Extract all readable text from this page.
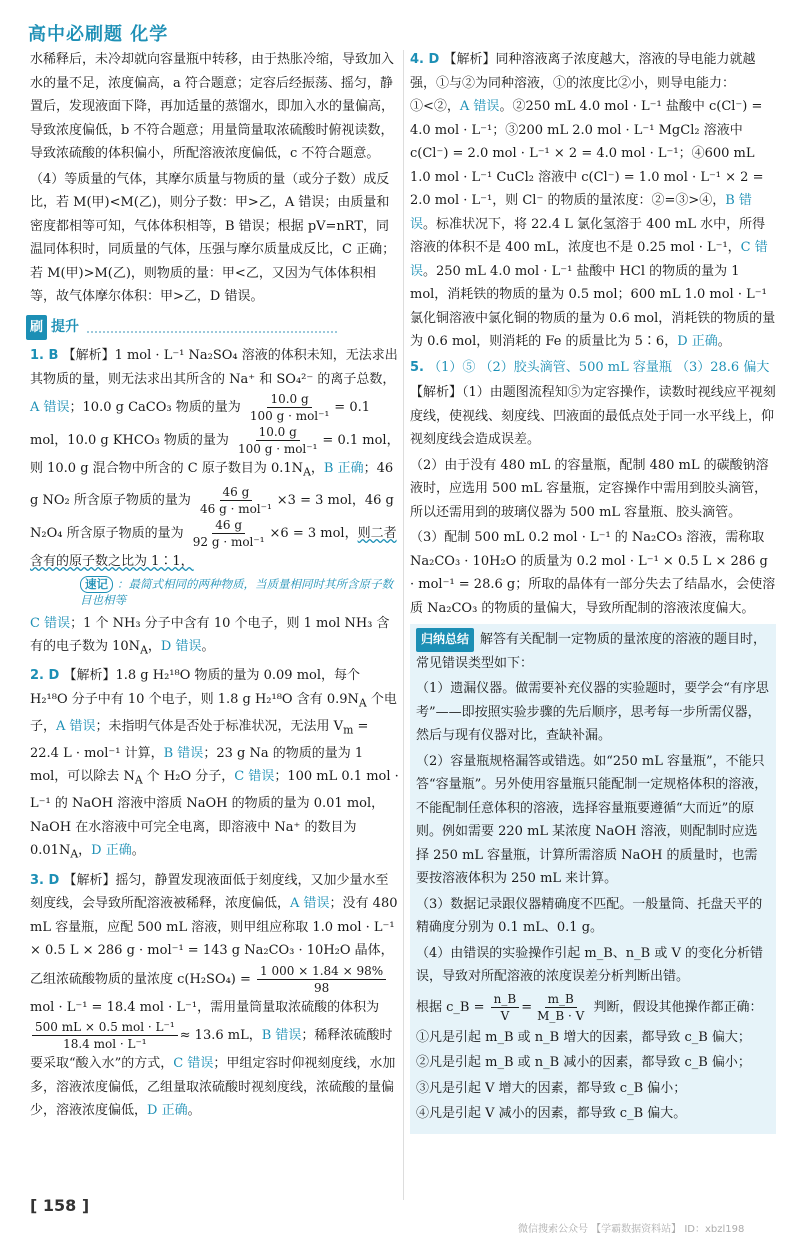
高中必刷题 化学

水稀释后，未冷却就向容量瓶中转移，由于热胀冷缩，导致加入水的量不足，浓度偏高，a 符合题意；定容后经振荡、摇匀，静置后，发现液面下降，再加适量的蒸馏水，即加入水的量偏高，导致浓度偏低，b 不符合题意；用量筒量取浓硫酸时俯视读数，导致浓硫酸的体积偏小，所配溶液浓度偏低，c 不符合题意。

（4）等质量的气体，其摩尔质量与物质的量（或分子数）成反比，若 M(甲)<M(乙)，则分子数：甲>乙，A 错误；由质量和密度都相等可知，气体体积相等，B 错误；根据 pV=nRT，同温同体积时，同质量的气体，压强与摩尔质量成反比，C 正确；若 M(甲)>M(乙)，则物质的量：甲<乙，又因为气体体积相等，故气体摩尔体积：甲>乙，D 错误。

刷 提升

1. B 【解析】1 mol · L⁻¹ Na₂SO₄ 溶液的体积未知，无法求出其物质的量，则无法求出其所含的 Na⁺ 和 SO₄²⁻ 的离子总数，A 错误；10.0 g CaCO₃ 物质的量为 $\frac{10.0 g}{\text{100 g · mol⁻¹}} = 0.1$ mol，10.0 g KHCO₃ 物质的量为 $\frac{10.0 g}{\text{100 g · mol⁻¹}} = 0.1$ mol，则 10.0 g 混合物中所含的 C 原子数目为 $0.1N_A$，B 正确；46 g NO₂ 所含原子物质的量为 $\frac{46 g}{\text{46 g · mol⁻¹}} \times 3 = 3$ mol，46 g N₂O₄ 所含原子物质的量为 $\frac{46 g}{\text{92 g · mol⁻¹}} \times 6 = 3$ mol，则二者含有的原子数之比为 1∶1，

速记 ：最简式相同的两种物质，当质量相同时其所含原子数目也相等

C 错误；1 个 NH₃ 分子中含有 10 个电子，则 1 mol NH₃ 含有的电子数为 $10N_A$，D 错误。

2. D 【解析】1.8 g H₂¹⁸O 物质的量为 0.09 mol，每个 H₂¹⁸O 分子中有 10 个电子，则 1.8 g H₂¹⁸O 含有 $0.9N_A$ 个电子，A 错误；未指明气体是否处于标准状况，无法用 $V_m = 22.4$ L · mol⁻¹ 计算，B 错误；23 g Na 的物质的量为 1 mol，可以除去 $N_A$ 个 H₂O 分子，C 错误；100 mL 0.1 mol · L⁻¹ 的 NaOH 溶液中溶质 NaOH 的物质的量为 0.01 mol，NaOH 在水溶液中可完全电离，即溶液中 Na⁺ 的数目为 $0.01N_A$，D 正确。

3. D 【解析】摇匀，静置发现液面低于刻度线，又加少量水至刻度线，会导致所配溶液被稀释，浓度偏低，A 错误；没有 480 mL 容量瓶，应配 500 mL 溶液，则甲组应称取 1.0 mol · L⁻¹ × 0.5 L × 286 g · mol⁻¹ = 143 g Na₂CO₃ · 10H₂O 晶体，乙组浓硫酸物质的量浓度 $c(H_2SO_4) = \frac{1 000 \times 1.84 \times 98\%}{98}$
mol · L⁻¹ = 18.4 mol · L⁻¹，需用量筒量取浓硫酸的体积为
$\frac{\text{500 mL × 0.5 mol · L⁻¹}}{\text{18.4 mol · L⁻¹}} \approx 13.6$ mL，B 错误；稀释浓硫酸时要采取“酸入水”的方式，C 错误；甲组定容时仰视刻度线，水加多，溶液浓度偏低，乙组量取浓硫酸时视刻度线，浓硫酸的量偏少，溶液浓度偏低，D 正确。

4. D 【解析】同种溶液离子浓度越大，溶液的导电能力就越强，①与②为同种溶液，①的浓度比②小，则导电能力：①<②，A 错误。②250 mL 4.0 mol · L⁻¹ 盐酸中 c(Cl⁻) = 4.0 mol · L⁻¹；③200 mL 2.0 mol · L⁻¹ MgCl₂ 溶液中 c(Cl⁻) = 2.0 mol · L⁻¹ × 2 = 4.0 mol · L⁻¹；④600 mL 1.0 mol · L⁻¹ CuCl₂ 溶液中 c(Cl⁻) = 1.0 mol · L⁻¹ × 2 = 2.0 mol · L⁻¹，则 Cl⁻ 的物质的量浓度：②=③>④，B 错误。标准状况下，将 22.4 L 氯化氢溶于 400 mL 水中，所得溶液的体积不是 400 mL，浓度也不是 0.25 mol · L⁻¹，C 错误。250 mL 4.0 mol · L⁻¹ 盐酸中 HCl 的物质的量为 1 mol，消耗铁的物质的量为 0.5 mol；600 mL 1.0 mol · L⁻¹ 氯化铜溶液中氯化铜的物质的量为 0.6 mol，消耗铁的物质的量为 0.6 mol，则消耗的 Fe 的质量比为 5∶6，D 正确。

5. （1）⑤ （2）胶头滴管、500 mL 容量瓶 （3）28.6 偏大

【解析】（1）由题图流程知⑤为定容操作，读数时视线应平视刻度线，使视线、刻度线、凹液面的最低点处于同一水平线上，仰视刻度线会造成误差。

（2）由于没有 480 mL 的容量瓶，配制 480 mL 的碳酸钠溶液时，应选用 500 mL 容量瓶，定容操作中需用到胶头滴管，所以还需用到的玻璃仪器为 500 mL 容量瓶、胶头滴管。

（3）配制 500 mL 0.2 mol · L⁻¹ 的 Na₂CO₃ 溶液，需称取 Na₂CO₃ · 10H₂O 的质量为 0.2 mol · L⁻¹ × 0.5 L × 286 g · mol⁻¹ = 28.6 g；所取的晶体有一部分失去了结晶水，会使溶质 Na₂CO₃ 的物质的量偏大，导致所配制的溶液浓度偏大。

归纳总结 解答有关配制一定物质的量浓度的溶液的题目时，常见错误类型如下：

（1）遗漏仪器。做需要补充仪器的实验题时，要学会“有序思考”——即按照实验步骤的先后顺序，思考每一步所需仪器，然后与现有仪器对比，查缺补漏。

（2）容量瓶规格漏答或错选。如“250 mL 容量瓶”，不能只答“容量瓶”。另外使用容量瓶只能配制一定规格体积的溶液，不能配制任意体积的溶液，选择容量瓶要遵循“大而近”的原则。例如需要 220 mL 某浓度 NaOH 溶液，则配制时应选择 250 mL 容量瓶，计算所需溶质 NaOH 的质量时，也需要按溶液体积为 250 mL 来计算。

（3）数据记录跟仪器精确度不匹配。一般量筒、托盘天平的精确度分别为 0.1 mL、0.1 g。

（4）由错误的实验操作引起 m_B、n_B 或 V 的变化分析错误，导致对所配溶液的浓度误差分析判断出错。

根据 c_B = $\frac{n\_B}{V} = \frac{m\_B}{M\_B \cdot V}$ 判断，假设其他操作都正确：

①凡是引起 m_B 或 n_B 增大的因素，都导致 c_B 偏大；

②凡是引起 m_B 或 n_B 减小的因素，都导致 c_B 偏小；

③凡是引起 V 增大的因素，都导致 c_B 偏小；

④凡是引起 V 减小的因素，都导致 c_B 偏大。

[ 158 ]
微信搜索公众号 【学霸数据资料站】 ID：xbzl198
